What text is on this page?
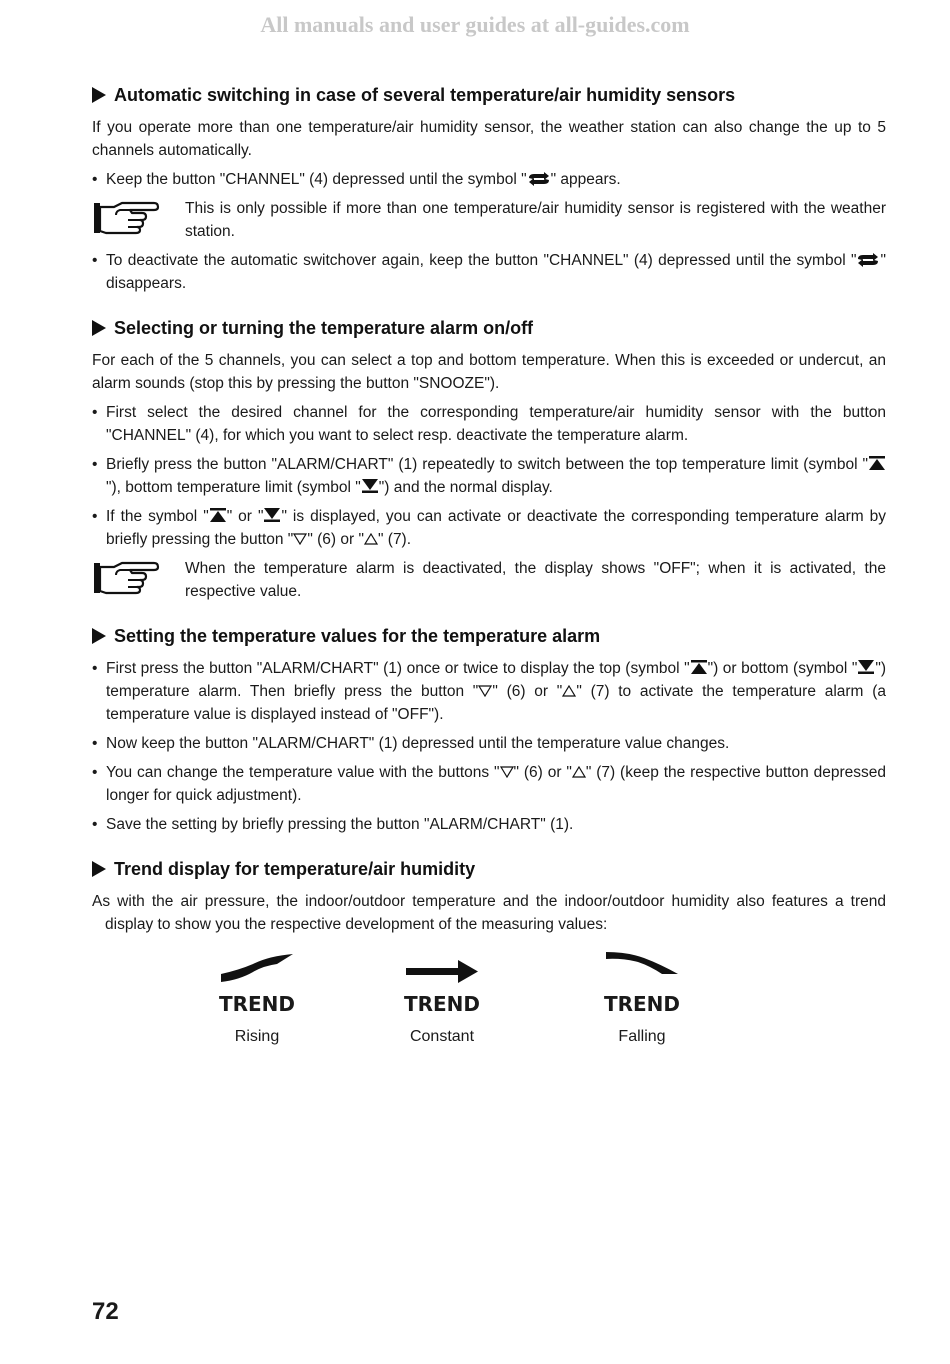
All manuals and user guides at all-guides.com
Automatic switching in case of several temperature/air humidity sensors

If you operate more than one temperature/air humidity sensor, the weather station can also change the up to 5 channels automatically.

• Keep the button "CHANNEL" (4) depressed until the symbol " " appears.
This is only possible if more than one temperature/air humidity sensor is registered with the weather station.
• To deactivate the automatic switchover again, keep the button "CHANNEL" (4) depressed until the symbol " " disappears.
Selecting or turning the temperature alarm on/off

For each of the 5 channels, you can select a top and bottom temperature. When this is exceeded or undercut, an alarm sounds (stop this by pressing the button "SNOOZE").

• First select the desired channel for the corresponding temperature/air humidity sensor with the button "CHANNEL" (4), for which you want to select resp. deactivate the temperature alarm.
• Briefly press the button "ALARM/CHART" (1) repeatedly to switch between the top temperature limit (symbol ""), bottom temperature limit (symbol " ") and the normal display.
• If the symbol " " or " " is displayed, you can activate or deactivate the corresponding temperature alarm by briefly pressing the button " " (6) or " " (7).
When the temperature alarm is deactivated, the display shows "OFF"; when it is activated, the respective value.
Setting the temperature values for the temperature alarm
• First press the button "ALARM/CHART" (1) once or twice to display the top (symbol " ") or bottom (symbol " ") temperature alarm. Then briefly press the button " " (6) or " " (7) to activate the temperature alarm (a temperature value is displayed instead of "OFF").
• Now keep the button "ALARM/CHART" (1) depressed until the temperature value changes.
• You can change the temperature value with the buttons " " (6) or " " (7) (keep the respective button depressed longer for quick adjustment).
• Save the setting by briefly pressing the button "ALARM/CHART" (1).
Trend display for temperature/air humidity

As with the air pressure, the indoor/outdoor temperature and the indoor/outdoor humidity also features a trend display to show you the respective development of the measuring values:

TREND
Rising
TREND
Constant
TREND
Falling
72
